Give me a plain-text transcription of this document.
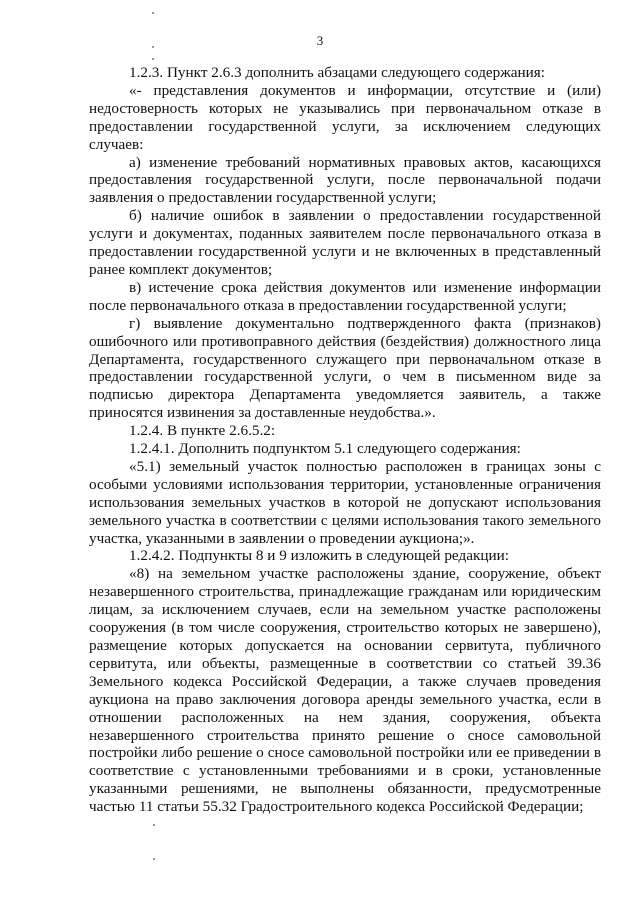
3

1.2.3. Пункт 2.6.3 дополнить абзацами следующего содержания:

«- представления документов и информации, отсутствие и (или) недостоверность которых не указывались при первоначальном отказе в предоставлении государственной услуги, за исключением следующих случаев:

а) изменение требований нормативных правовых актов, касающихся предоставления государственной услуги, после первоначальной подачи заявления о предоставлении государственной услуги;

б) наличие ошибок в заявлении о предоставлении государственной услуги и документах, поданных заявителем после первоначального отказа в предоставлении государственной услуги и не включенных в представленный ранее комплект документов;

в) истечение срока действия документов или изменение информации после первоначального отказа в предоставлении государственной услуги;

г) выявление документально подтвержденного факта (признаков) ошибочного или противоправного действия (бездействия) должностного лица Департамента, государственного служащего при первоначальном отказе в предоставлении государственной услуги, о чем в письменном виде за подписью директора Департамента уведомляется заявитель, а также приносятся извинения за доставленные неудобства.».

1.2.4. В пункте 2.6.5.2:

1.2.4.1. Дополнить подпунктом 5.1 следующего содержания:

«5.1) земельный участок полностью расположен в границах зоны с особыми условиями использования территории, установленные ограничения использования земельных участков в которой не допускают использования земельного участка в соответствии с целями использования такого земельного участка, указанными в заявлении о проведении аукциона;».

1.2.4.2. Подпункты 8 и 9 изложить в следующей редакции:

«8) на земельном участке расположены здание, сооружение, объект незавершенного строительства, принадлежащие гражданам или юридическим лицам, за исключением случаев, если на земельном участке расположены сооружения (в том числе сооружения, строительство которых не завершено), размещение которых допускается на основании сервитута, публичного сервитута, или объекты, размещенные в соответствии со статьей 39.36 Земельного кодекса Российской Федерации, а также случаев проведения аукциона на право заключения договора аренды земельного участка, если в отношении расположенных на нем здания, сооружения, объекта незавершенного строительства принято решение о сносе самовольной постройки либо решение о сносе самовольной постройки или ее приведении в соответствие с установленными требованиями и в сроки, установленные указанными решениями, не выполнены обязанности, предусмотренные частью 11 статьи 55.32 Градостроительного кодекса Российской Федерации;
